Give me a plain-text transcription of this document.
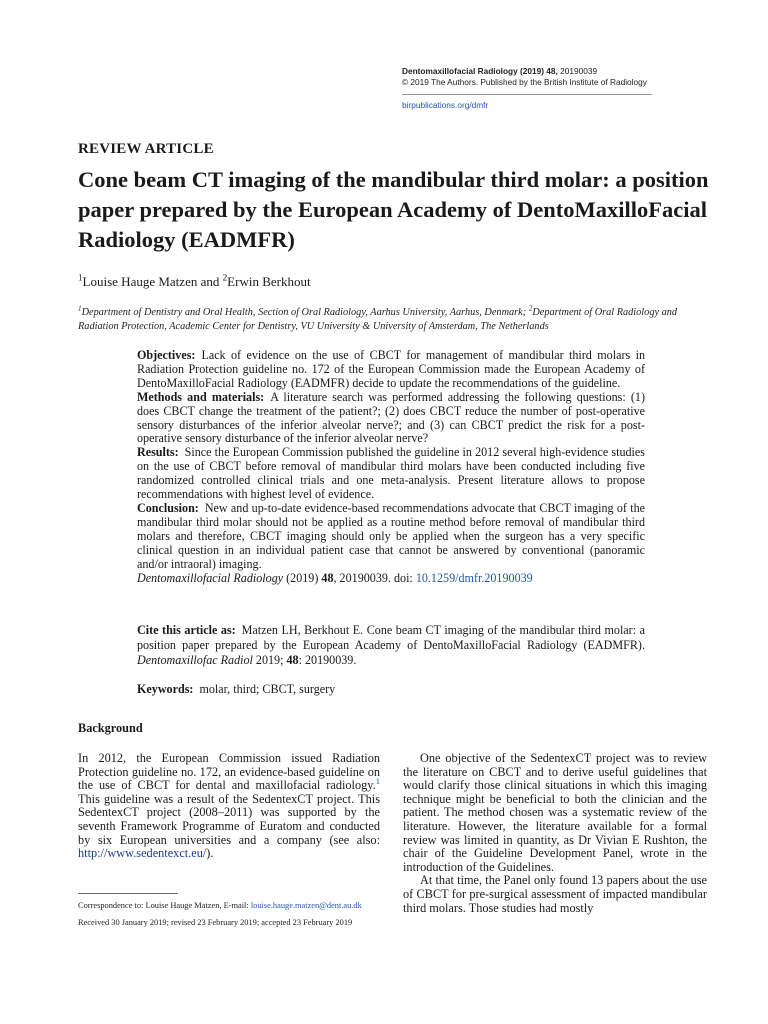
Dentomaxillofacial Radiology (2019) 48, 20190039
© 2019 The Authors. Published by the British Institute of Radiology
birpublications.org/dmfr
REVIEW ARTICLE
Cone beam CT imaging of the mandibular third molar: a position paper prepared by the European Academy of DentoMaxilloFacial Radiology (EADMFR)
$^1$Louise Hauge Matzen and $^2$Erwin Berkhout
$^1$Department of Dentistry and Oral Health, Section of Oral Radiology, Aarhus University, Aarhus, Denmark; $^2$Department of Oral Radiology and Radiation Protection, Academic Center for Dentistry, VU University & University of Amsterdam, The Netherlands

Objectives: Lack of evidence on the use of CBCT for management of mandibular third molars in Radiation Protection guideline no. 172 of the European Commission made the European Academy of DentoMaxilloFacial Radiology (EADMFR) decide to update the recommendations of the guideline.

Methods and materials: A literature search was performed addressing the following questions: (1) does CBCT change the treatment of the patient?; (2) does CBCT reduce the number of post-operative sensory disturbances of the inferior alveolar nerve?; and (3) can CBCT predict the risk for a post-operative sensory disturbance of the inferior alveolar nerve?

Results: Since the European Commission published the guideline in 2012 several high-evidence studies on the use of CBCT before removal of mandibular third molars have been conducted including five randomized controlled clinical trials and one meta-analysis. Present literature allows to propose recommendations with highest level of evidence.

Conclusion: New and up-to-date evidence-based recommendations advocate that CBCT imaging of the mandibular third molar should not be applied as a routine method before removal of mandibular third molars and therefore, CBCT imaging should only be applied when the surgeon has a very specific clinical question in an individual patient case that cannot be answered by conventional (panoramic and/or intraoral) imaging.

Dentomaxillofacial Radiology (2019) 48, 20190039. doi: 10.1259/dmfr.20190039

Cite this article as: Matzen LH, Berkhout E. Cone beam CT imaging of the mandibular third molar: a position paper prepared by the European Academy of DentoMaxilloFacial Radiology (EADMFR). Dentomaxillofac Radiol 2019; 48: 20190039.
Keywords: molar, third; CBCT, surgery
Background

In 2012, the European Commission issued Radiation Protection guideline no. 172, an evidence-based guideline on the use of CBCT for dental and maxillofacial radiology.$^1$ This guideline was a result of the SedentexCT project. This SedentexCT project (2008–2011) was supported by the seventh Framework Programme of Euratom and conducted by six European universities and a company (see also: http://www.sedentexct.eu/).

One objective of the SedentexCT project was to review the literature on CBCT and to derive useful guidelines that would clarify those clinical situations in which this imaging technique might be beneficial to both the clinician and the patient. The method chosen was a systematic review of the literature. However, the literature available for a formal review was limited in quantity, as Dr Vivian E Rushton, the chair of the Guideline Development Panel, wrote in the introduction of the Guidelines.

At that time, the Panel only found 13 papers about the use of CBCT for pre-surgical assessment of impacted mandibular third molars. Those studies had mostly

Correspondence to: Louise Hauge Matzen, E-mail: louise.hauge.matzen@dent.au.dk

Received 30 January 2019; revised 23 February 2019; accepted 23 February 2019
